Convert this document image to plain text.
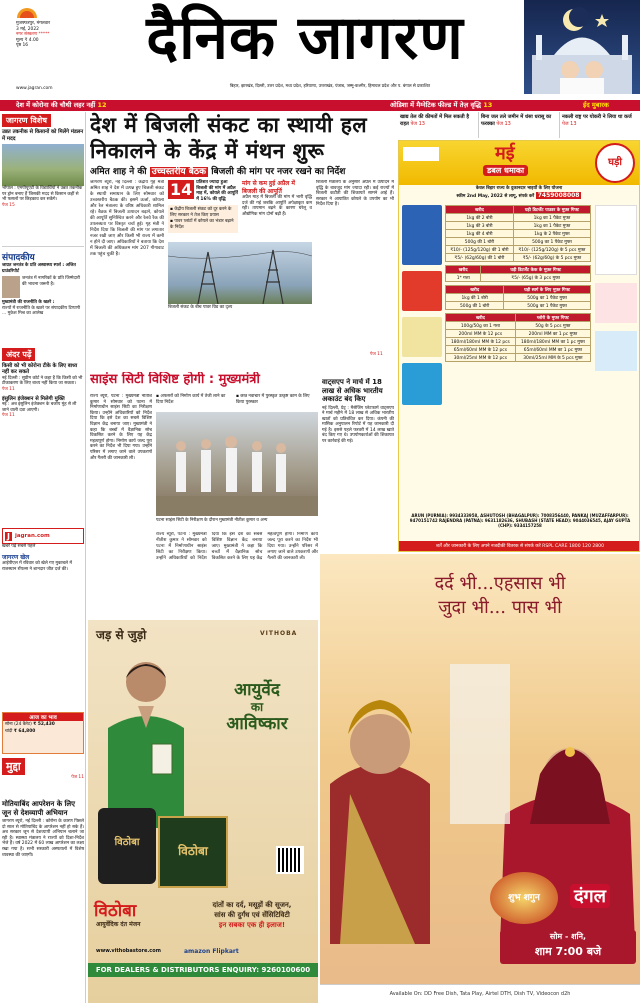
मुजफ्फरपुर, मंगलवार
3 मई, 2022
नगर संस्करण *****
मूल्य ₹ 4.00
पृष्ठ 16
www.jagran.com
दैनिक जागरण
बिहार, झारखंड, दिल्ली, उत्तर प्रदेश, मध्य प्रदेश, हरियाणा, उत्तराखंड, पंजाब, जम्मू-कश्मीर, हिमाचल प्रदेश और प. बंगाल से प्रकाशित
देश में कोरोना की चौथी लहर नहीं 12	ओडिशा में मैग्नेटिक फील्ड में तेज़ वृद्धि 13	ईद मुबारक
जागरण विशेष
उन्नत तकनीक से किसानों को मिलेंगे मंडलन में मदद
भोपाल : एमपीयूएटी के विद्यार्थियों ने उन्नत तकनीक पर ड्रोन बनाए हैं जिसकी मदद से किसान कहीं से भी फसलों पर छिड़काव कर सकेंगे।
पेज 15
संपादकीय
जाग्रत जनतंत्र के प्रति अस्वास्थ्य स्पर्श : अजित ग्राउंडरिपोर्ट
जनतंत्र में नागरिकों के प्रति जिम्मेदारी की भावना जरूरी है।
मुख्यमंत्री की राजनीति के खतरे :
राज्यों में राजनीति के खतरे पर संपादकीय टिप्पणी ... मुकेश मिश्र का आलेख
अंदर पढ़ें
किसी को भी कोरोना टीके के लिए बाध्य नहीं कर सकते
नई दिल्ली : सुप्रीम कोर्ट ने कहा है कि किसी को भी टीकाकरण के लिए बाध्य नहीं किया जा सकता।
पेज 11
इंसुलिन इंजेक्शन से मिलेगी मुक्ति
नई : अब इंसुलिन इंजेक्शन के बजाय मुंह से ली जाने वाली दवा आएगी।
पेज 11
J jagran.com
खबरें पढ़ें सबसे पहले
जागरण खेल
आईपीएल में रविवार को खेले गए मुकाबले में राजस्थान रॉयल्स ने शानदार जीत दर्ज की।
आज का भाव
सोना (24 कैरेट) ₹ 52,430
चांदी ₹ 64,800
मुद्दा
पेज 11
मोतियाबिंद आपरेशन के लिए जून से देशव्यापी अभियान
जागरण ब्यूरो, नई दिल्ली : कोरोना के कारण पिछले दो साल से मोतियाबिंद के आपरेशन नहीं हो सके हैं। अब सरकार जून से देशव्यापी अभियान चलाने जा रही है। स्वास्थ्य मंत्रालय ने राज्यों को दिशा-निर्देश भेजे हैं। वर्ष 2022 में 60 लाख आपरेशन का लक्ष्य रखा गया है। सभी सरकारी अस्पतालों में विशेष व्यवस्था की जाएगी।
खाद्य तेल की कीमतों में मिल सकती है राहत पेज 13
बिना जल तले जमीन में धंसा धरासू का फरक्का पेज 13
नकली राष्ट्र पर योकरी ने लिया था कर्ज पेज 13
देश में बिजली संकट का स्थायी हल निकालने के केंद्र में मंथन शुरू
अमित शाह ने की उच्चस्तरीय बैठक बिजली की मांग पर नजर रखने का निर्देश
जागरण ब्यूरो, नई दिल्ली : केंद्रीय गृह मंत्री अमित शाह ने देश में उत्पन्न हुए बिजली संकट के स्थायी समाधान के लिए सोमवार को उच्चस्तरीय बैठक की। इसमें ऊर्जा, कोयला और रेल मंत्रालय के वरिष्ठ अधिकारी शामिल रहे। बैठक में बिजली उत्पादन बढ़ाने, कोयले की आपूर्ति सुनिश्चित करने और रेलवे रैक की उपलब्धता पर विस्तृत चर्चा हुई। गृह मंत्री ने निर्देश दिया कि बिजली की मांग पर लगातार नजर रखी जाए और किसी भी राज्य में कमी न होने दी जाए। अधिकारियों ने बताया कि देश में बिजली की अधिकतम मांग 207 गीगावाट तक पहुंच चुकी है।
14 प्रतिशत ज्यादा हुआ बिजली की मांग में अप्रैल माह में, कोयले की आपूर्ति में 16% की वृद्धि
▪ केंद्रीय बिजली संकट को दूर करने के लिए सरकार ने तेज किए प्रयास
▪ पावर प्लांटों में कोयले का भंडार बढ़ाने के निर्देश
मांग से कम हुई अप्रैल में बिजली की आपूर्ति
अप्रैल माह में बिजली की मांग में भारी वृद्धि दर्ज की गई जबकि आपूर्ति अपेक्षाकृत कम रही। तापमान बढ़ने के कारण घरेलू व औद्योगिक मांग दोनों बढ़ी हैं।
बिजली संकट के बीच पावर ग्रिड का दृश्य
बिजली मंत्रालय के अनुसार अप्रैल में उत्पादन में वृद्धि के बावजूद मांग ज्यादा रही। कई राज्यों में बिजली कटौती की शिकायतें सामने आई हैं। सरकार ने आयातित कोयले के उपयोग का भी निर्देश दिया है।
पेज 11
वाट्सएप ने मार्च में 18 लाख से अधिक भारतीय अकाउंट बंद किए
नई दिल्ली, प्रेट्र : मैसेजिंग प्लेटफार्म वाट्सएप ने मार्च महीने में 18 लाख से अधिक भारतीय खातों को प्रतिबंधित कर दिया। कंपनी की मासिक अनुपालन रिपोर्ट में यह जानकारी दी गई है। इससे पहले फरवरी में 14 लाख खाते बंद किए गए थे। उपयोगकर्ताओं की शिकायत पर कार्रवाई की गई।
साइंस सिटी विशिष्ट होगी : मुख्यमंत्री
राज्य ब्यूरो, पटना : मुख्यमंत्री नीतीश कुमार ने सोमवार को पटना में निर्माणाधीन साइंस सिटी का निरीक्षण किया। उन्होंने अधिकारियों को निर्देश दिया कि इसे देश का सबसे विशिष्ट विज्ञान केंद्र बनाया जाए। मुख्यमंत्री ने कहा कि बच्चों में वैज्ञानिक सोच विकसित करने के लिए यह केंद्र महत्वपूर्ण होगा। निर्माण कार्य जल्द पूरा करने का निर्देश भी दिया गया। उन्होंने परिसर में लगाए जाने वाले उपकरणों और गैलरी की जानकारी ली।
▪ अफसरों को निर्माण कार्य में तेजी लाने का दिया निर्देश
▪ छात्र नवाचार में पुरस्कृत उत्कृष्ट काम के लिए किया पुरस्कार
पटना साइंस सिटी के निरीक्षण के दौरान मुख्यमंत्री नीतीश कुमार व अन्य
राज्य ब्यूरो, पटना : मुख्यमंत्री नीतीश कुमार ने सोमवार को पटना में निर्माणाधीन साइंस सिटी का निरीक्षण किया। उन्होंने अधिकारियों को निर्देश दिया कि इसे देश का सबसे विशिष्ट विज्ञान केंद्र बनाया जाए। मुख्यमंत्री ने कहा कि बच्चों में वैज्ञानिक सोच विकसित करने के लिए यह केंद्र महत्वपूर्ण होगा। निर्माण कार्य जल्द पूरा करने का निर्देश भी दिया गया। उन्होंने परिसर में लगाए जाने वाले उपकरणों और गैलरी की जानकारी ली।
मई
डबल धमाका
घड़ी
केवल बिहार राज्य के दुकानदार भाइयों के लिए योजना
स्कीम 2nd May, 2022 से लागू, संपर्क करें 7459008008
खरीद	घड़ी डिटर्जेंट पाउडर के मुफ़्त गिफ्ट
1kg की 2 बोरी	1kg का 1 पैकेट मुफ्त
1kg की 3 बोरी	1kg का 1 पैकेट मुफ्त
1kg की 4 बोरी	1kg के 2 पैकेट मुफ्त
500g की 1 बोरी	500g का 1 पैकेट मुफ्त
₹10/- (125g/120g) की 1 बोरी	₹10/- (125g/120g) के 5 pcs मुफ्त
₹5/- (62g/60g) की 1 बोरी	₹5/- (62g/60g) के 5 pcs मुफ्त
खरीद	घड़ी डिटर्जेंट केक के मुफ़्त गिफ्ट
1* गत्ता	₹5/- (65g) के 3 pcs मुफ्त
खरीद	घड़ी स्वर्ग के लिए मुफ़्त गिफ्ट
1kg की 1 बोरी	500g का 1 पैकेट मुफ्त
500g की 1 बोरी	500g का 1 पैकेट मुफ्त
खरीद	ग्लोरी के मुफ्त गिफ्ट
100g/50g का 1 गत्ता	50g के 5 pcs मुफ्त
200ml MM के 12 pcs	200ml MM का 1 pc मुफ्त
180ml/180ml MM के 12 pcs	180ml/180ml MM का 1 pc मुफ्त
65ml/60ml MM के 12 pcs	65ml/60ml MM का 1 pc मुफ्त
30ml/25ml MM के 12 pcs	30ml/25ml MM के 5 pcs मुफ्त
ARUN (PURNIA): 9934333958, ASHUTOSH (BHAGALPUR): 7008356440, PANKAJ (MUZAFFARPUR): 9470151742 RAJENDRA (PATNA): 9631182636, SHUBASH (STATE HEAD): 9044036545, AJAY GUPTA (CHP): 9334157258
शर्तें और जानकारी के लिए अपने नजदीकी वितरक से संपर्क करें RSPL CARE 1800 120 2800
जड़ से जुड़ो	VITHOBA
आयुर्वेद
का
आविष्कार
विठोबा
विठोबा
विठोबा
आयुर्वेदिक दंत मंजन
दांतों का दर्द, मसूड़ों की सूजन,
सांस की दुर्गंध एवं सेंसिटिविटी
इन सबका एक ही इलाज!
www.vithobastore.com	amazon Flipkart
FOR DEALERS & DISTRIBUTORS ENQUIRY: 9260100600
दर्द भी...एहसास भी
जुदा भी... पास भी
शुभ शगुन	दंगल
सोम - शनि,
शाम 7:00 बजे
Available On: DD Free Dish, Tata Play, Airtel DTH, Dish TV, Videocon d2h
